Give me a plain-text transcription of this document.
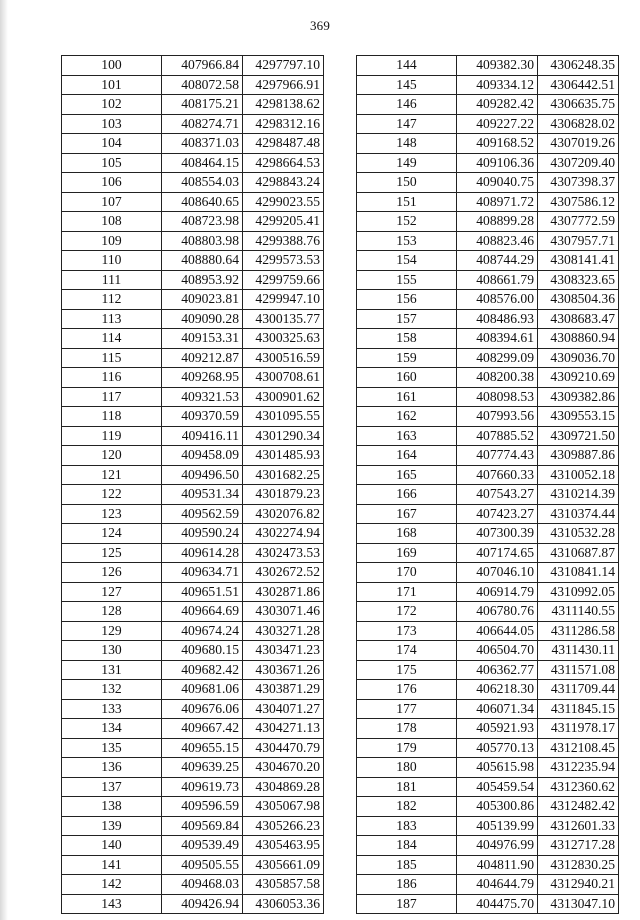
369
100	407966.84	4297797.10
101	408072.58	4297966.91
102	408175.21	4298138.62
103	408274.71	4298312.16
104	408371.03	4298487.48
105	408464.15	4298664.53
106	408554.03	4298843.24
107	408640.65	4299023.55
108	408723.98	4299205.41
109	408803.98	4299388.76
110	408880.64	4299573.53
111	408953.92	4299759.66
112	409023.81	4299947.10
113	409090.28	4300135.77
114	409153.31	4300325.63
115	409212.87	4300516.59
116	409268.95	4300708.61
117	409321.53	4300901.62
118	409370.59	4301095.55
119	409416.11	4301290.34
120	409458.09	4301485.93
121	409496.50	4301682.25
122	409531.34	4301879.23
123	409562.59	4302076.82
124	409590.24	4302274.94
125	409614.28	4302473.53
126	409634.71	4302672.52
127	409651.51	4302871.86
128	409664.69	4303071.46
129	409674.24	4303271.28
130	409680.15	4303471.23
131	409682.42	4303671.26
132	409681.06	4303871.29
133	409676.06	4304071.27
134	409667.42	4304271.13
135	409655.15	4304470.79
136	409639.25	4304670.20
137	409619.73	4304869.28
138	409596.59	4305067.98
139	409569.84	4305266.23
140	409539.49	4305463.95
141	409505.55	4305661.09
142	409468.03	4305857.58
143	409426.94	4306053.36
144	409382.30	4306248.35
145	409334.12	4306442.51
146	409282.42	4306635.75
147	409227.22	4306828.02
148	409168.52	4307019.26
149	409106.36	4307209.40
150	409040.75	4307398.37
151	408971.72	4307586.12
152	408899.28	4307772.59
153	408823.46	4307957.71
154	408744.29	4308141.41
155	408661.79	4308323.65
156	408576.00	4308504.36
157	408486.93	4308683.47
158	408394.61	4308860.94
159	408299.09	4309036.70
160	408200.38	4309210.69
161	408098.53	4309382.86
162	407993.56	4309553.15
163	407885.52	4309721.50
164	407774.43	4309887.86
165	407660.33	4310052.18
166	407543.27	4310214.39
167	407423.27	4310374.44
168	407300.39	4310532.28
169	407174.65	4310687.87
170	407046.10	4310841.14
171	406914.79	4310992.05
172	406780.76	4311140.55
173	406644.05	4311286.58
174	406504.70	4311430.11
175	406362.77	4311571.08
176	406218.30	4311709.44
177	406071.34	4311845.15
178	405921.93	4311978.17
179	405770.13	4312108.45
180	405615.98	4312235.94
181	405459.54	4312360.62
182	405300.86	4312482.42
183	405139.99	4312601.33
184	404976.99	4312717.28
185	404811.90	4312830.25
186	404644.79	4312940.21
187	404475.70	4313047.10
